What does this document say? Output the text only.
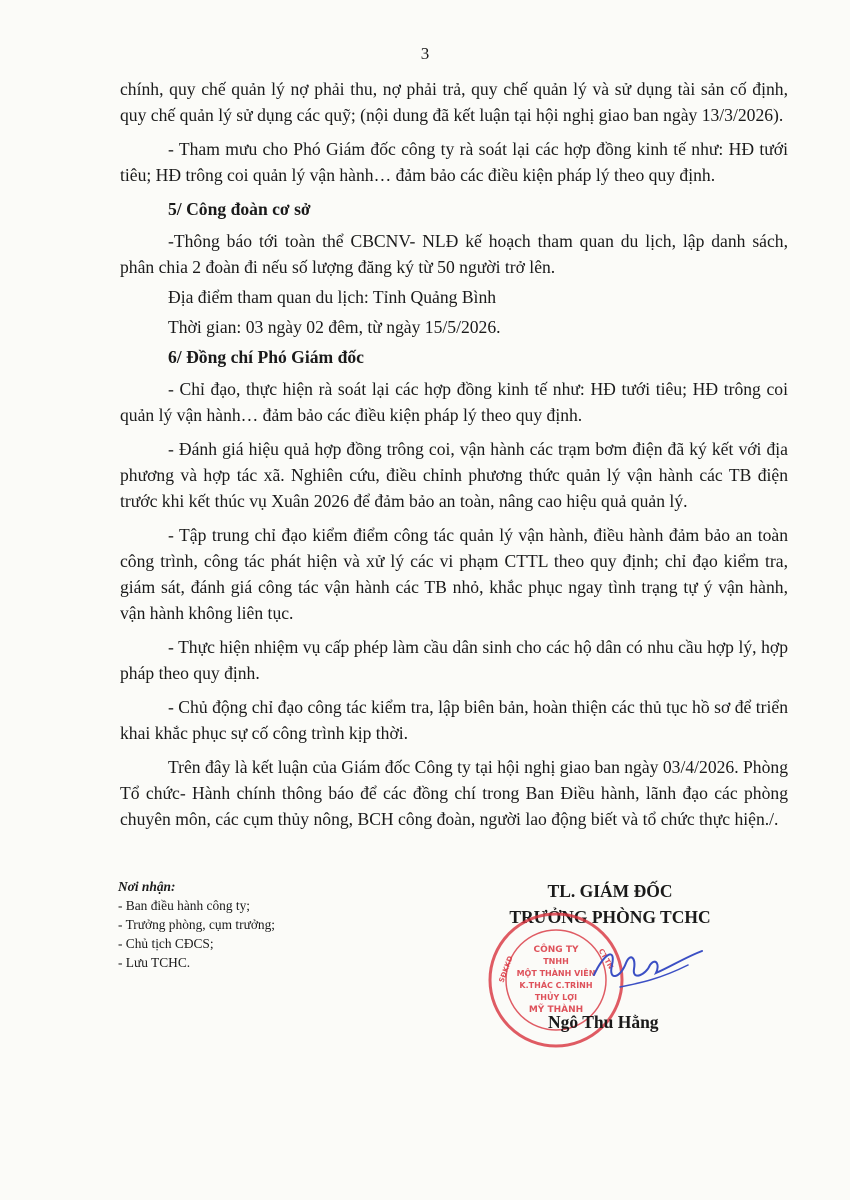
3

chính, quy chế quản lý nợ phải thu, nợ phải trả, quy chế quản lý và sử dụng tài sản cố định, quy chế quản lý sử dụng các quỹ; (nội dung đã kết luận tại hội nghị giao ban ngày 13/3/2026).

- Tham mưu cho Phó Giám đốc công ty rà soát lại các hợp đồng kinh tế như: HĐ tưới tiêu; HĐ trông coi quản lý vận hành… đảm bảo các điều kiện pháp lý theo quy định.

5/ Công đoàn cơ sở

-Thông báo tới toàn thể CBCNV- NLĐ kế hoạch tham quan du lịch, lập danh sách, phân chia 2 đoàn đi nếu số lượng đăng ký từ 50 người trở lên.

Địa điểm tham quan du lịch: Tỉnh Quảng Bình

Thời gian: 03 ngày 02 đêm, từ ngày 15/5/2026.

6/ Đồng chí Phó Giám đốc

- Chỉ đạo, thực hiện rà soát lại các hợp đồng kinh tế như: HĐ tưới tiêu; HĐ trông coi quản lý vận hành… đảm bảo các điều kiện pháp lý theo quy định.

- Đánh giá hiệu quả hợp đồng trông coi, vận hành các trạm bơm điện đã ký kết với địa phương và hợp tác xã. Nghiên cứu, điều chỉnh phương thức quản lý vận hành các TB điện trước khi kết thúc vụ Xuân 2026 để đảm bảo an toàn, nâng cao hiệu quả quản lý.

- Tập trung chỉ đạo kiểm điểm công tác quản lý vận hành, điều hành đảm bảo an toàn công trình, công tác phát hiện và xử lý các vi phạm CTTL theo quy định; chỉ đạo kiểm tra, giám sát, đánh giá công tác vận hành các TB nhỏ, khắc phục ngay tình trạng tự ý vận hành, vận hành không liên tục.

- Thực hiện nhiệm vụ cấp phép làm cầu dân sinh cho các hộ dân có nhu cầu hợp lý, hợp pháp theo quy định.

- Chủ động chỉ đạo công tác kiểm tra, lập biên bản, hoàn thiện các thủ tục hồ sơ để triển khai khắc phục sự cố công trình kịp thời.

Trên đây là kết luận của Giám đốc Công ty tại hội nghị giao ban ngày 03/4/2026. Phòng Tổ chức- Hành chính thông báo để các đồng chí trong Ban Điều hành, lãnh đạo các phòng chuyên môn, các cụm thủy nông, BCH công đoàn, người lao động biết và tổ chức thực hiện./.

Nơi nhận:
- Ban điều hành công ty;
- Trưởng phòng, cụm trưởng;
- Chủ tịch CĐCS;
- Lưu TCHC.
TL. GIÁM ĐỐC
TRƯỞNG PHÒNG TCHC
CÔNG TY
TNHH
MỘT THÀNH VIÊN
K.THÁC C.TRÌNH
THỦY LỢI
MỸ THÀNH
SĐKKD	CT.TN
Ngô Thu Hằng
